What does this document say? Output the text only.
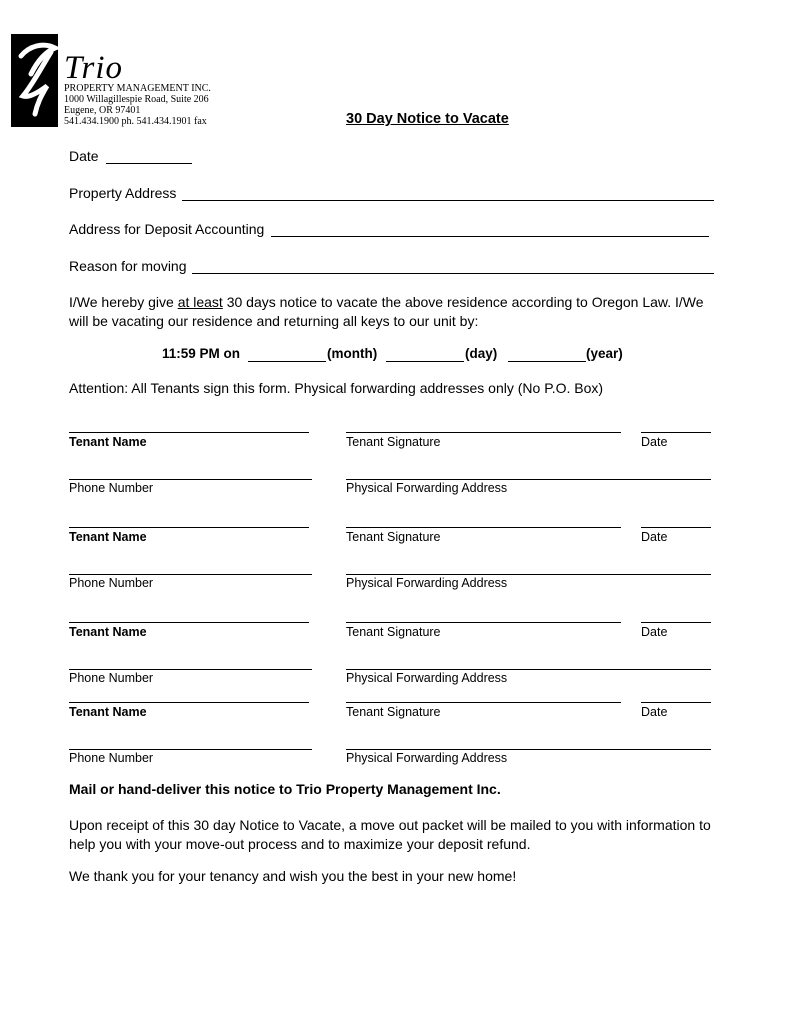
Trio
PROPERTY MANAGEMENT INC.
1000 Willagillespie Road, Suite 206
Eugene, OR 97401
541.434.1900 ph. 541.434.1901 fax	30 Day Notice to Vacate
Date
Property Address
Address for Deposit Accounting
Reason for moving
I/We hereby give at least 30 days notice to vacate the above residence according to Oregon Law. I/We will be vacating our residence and returning all keys to our unit by:
11:59 PM on	(month)	(day)	(year)
Attention: All Tenants sign this form. Physical forwarding addresses only (No P.O. Box)
Tenant Name	Tenant Signature	Date
Phone Number	Physical Forwarding Address
Tenant Name	Tenant Signature	Date
Phone Number	Physical Forwarding Address
Tenant Name	Tenant Signature	Date
Phone Number	Physical Forwarding Address
Tenant Name	Tenant Signature	Date
Phone Number	Physical Forwarding Address
Mail or hand-deliver this notice to Trio Property Management Inc.
Upon receipt of this 30 day Notice to Vacate, a move out packet will be mailed to you with information to help you with your move-out process and to maximize your deposit refund.
We thank you for your tenancy and wish you the best in your new home!
